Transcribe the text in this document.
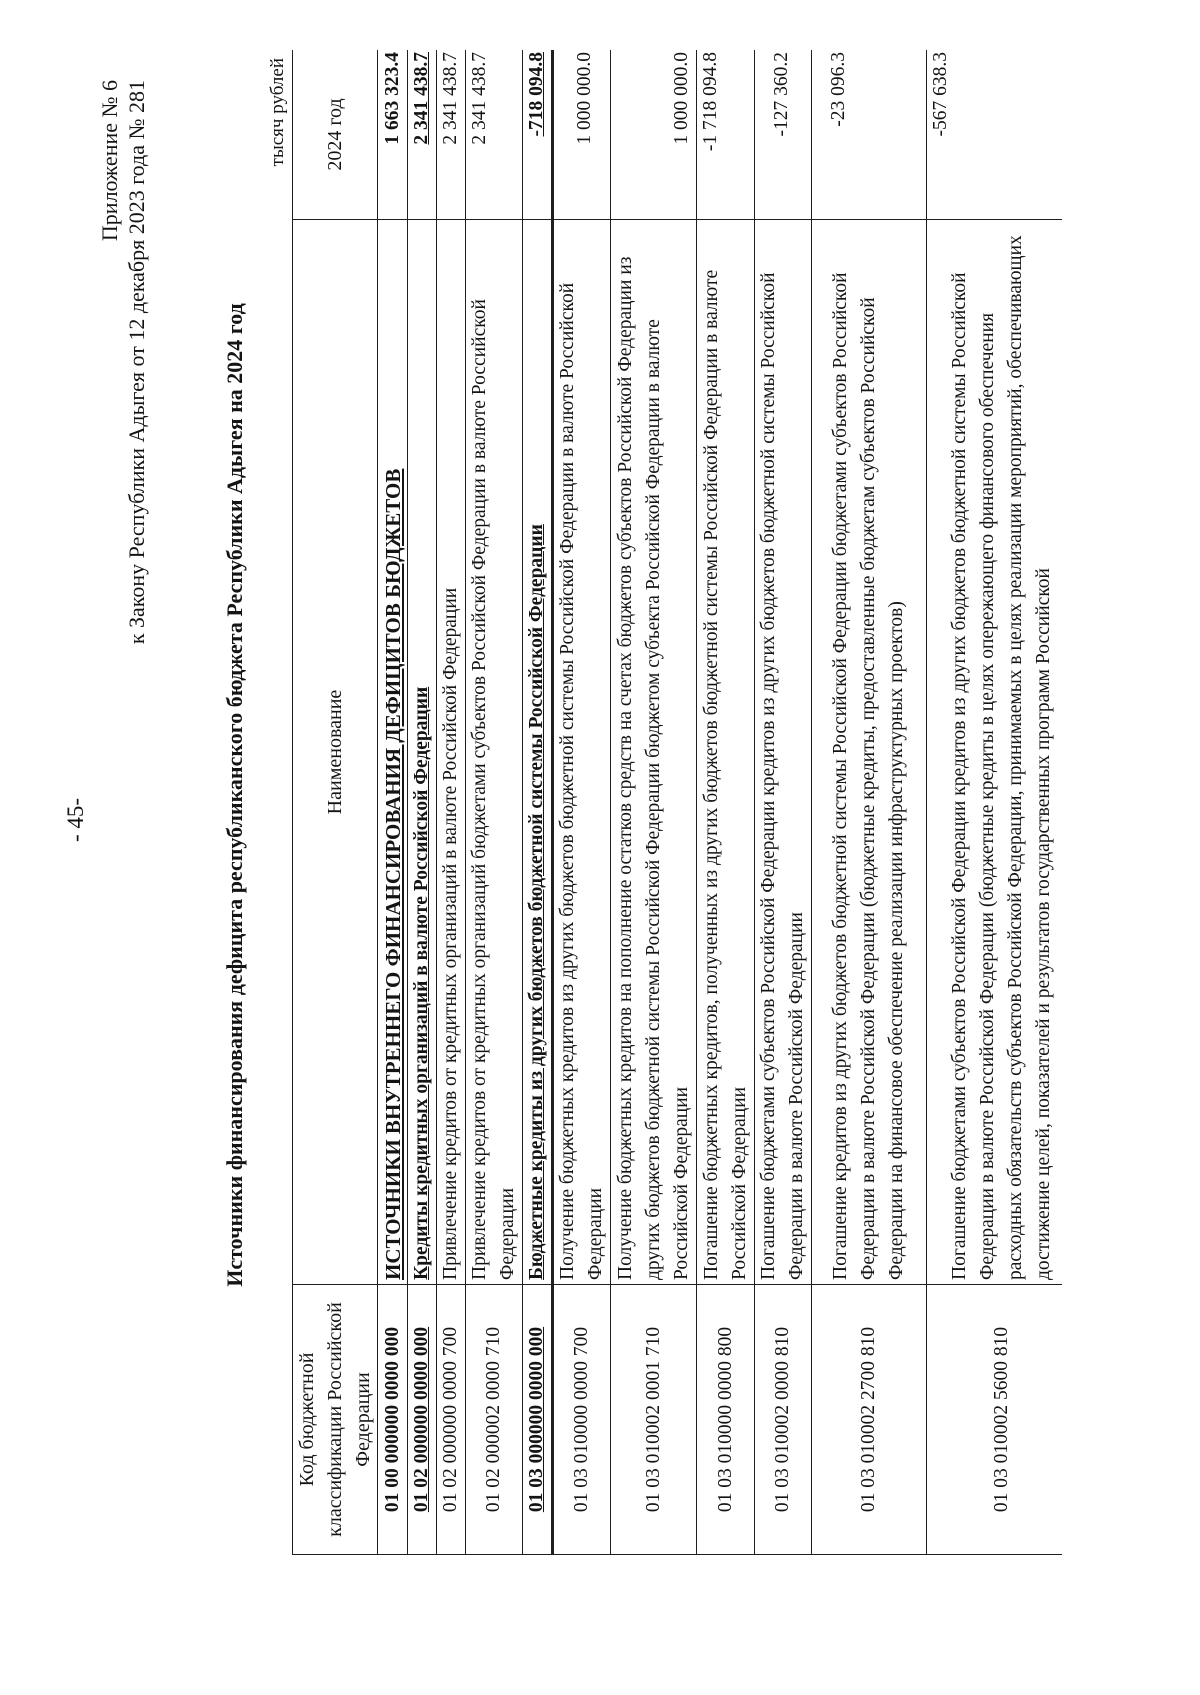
- 45-
Приложение № 6 к Закону Республики Адыгея от 12 декабря 2023 года № 281	Источники финансирования дефицита республиканского бюджета Республики Адыгея на 2024 год
тысяч рублей
Код бюджетной классификации Российской Федерации	Наименование	2024 год
01 00 000000 0000 000	ИСТОЧНИКИ ВНУТРЕННЕГО ФИНАНСИРОВАНИЯ ДЕФИЦИТОВ БЮДЖЕТОВ	1 663 323.4
01 02 000000 0000 000	Кредиты кредитных организаций в валюте Российской Федерации	2 341 438.7
01 02 000000 0000 700	Привлечение кредитов от кредитных организаций в валюте Российской Федерации	2 341 438.7
01 02 000002 0000 710	Привлечение кредитов от кредитных организаций бюджетами субъектов Российской Федерации в валюте Российской Федерации	2 341 438.7
01 03 000000 0000 000	Бюджетные кредиты из других бюджетов бюджетной системы Российской Федерации	-718 094.8
01 03 010000 0000 700	Получение бюджетных кредитов из других бюджетов бюджетной системы Российской Федерации в валюте Российской Федерации	1 000 000.0
01 03 010002 0001 710	Получение бюджетных кредитов на пополнение остатков средств на счетах бюджетов субъектов Российской Федерации из других бюджетов бюджетной системы Российской Федерации бюджетом субъекта Российской Федерации в валюте Российской Федерации	1 000 000.0
01 03 010000 0000 800	Погашение бюджетных кредитов, полученных из других бюджетов бюджетной системы Российской Федерации в валюте Российской Федерации	-1 718 094.8
01 03 010002 0000 810	Погашение бюджетами субъектов Российской Федерации кредитов из других бюджетов бюджетной системы Российской Федерации в валюте Российской Федерации	-127 360.2
01 03 010002 2700 810	Погашение кредитов из других бюджетов бюджетной системы Российской Федерации бюджетами субъектов Российской Федерации в валюте Российской Федерации (бюджетные кредиты, предоставленные бюджетам субъектов Российской Федерации на финансовое обеспечение реализации инфраструктурных проектов)	-23 096.3
01 03 010002 5600 810	Погашение бюджетами субъектов Российской Федерации кредитов из других бюджетов бюджетной системы Российской Федерации в валюте Российской Федерации (бюджетные кредиты в целях опережающего финансового обеспечения расходных обязательств субъектов Российской Федерации, принимаемых в целях реализации мероприятий, обеспечивающих достижение целей, показателей и результатов государственных программ Российской	-567 638.3
